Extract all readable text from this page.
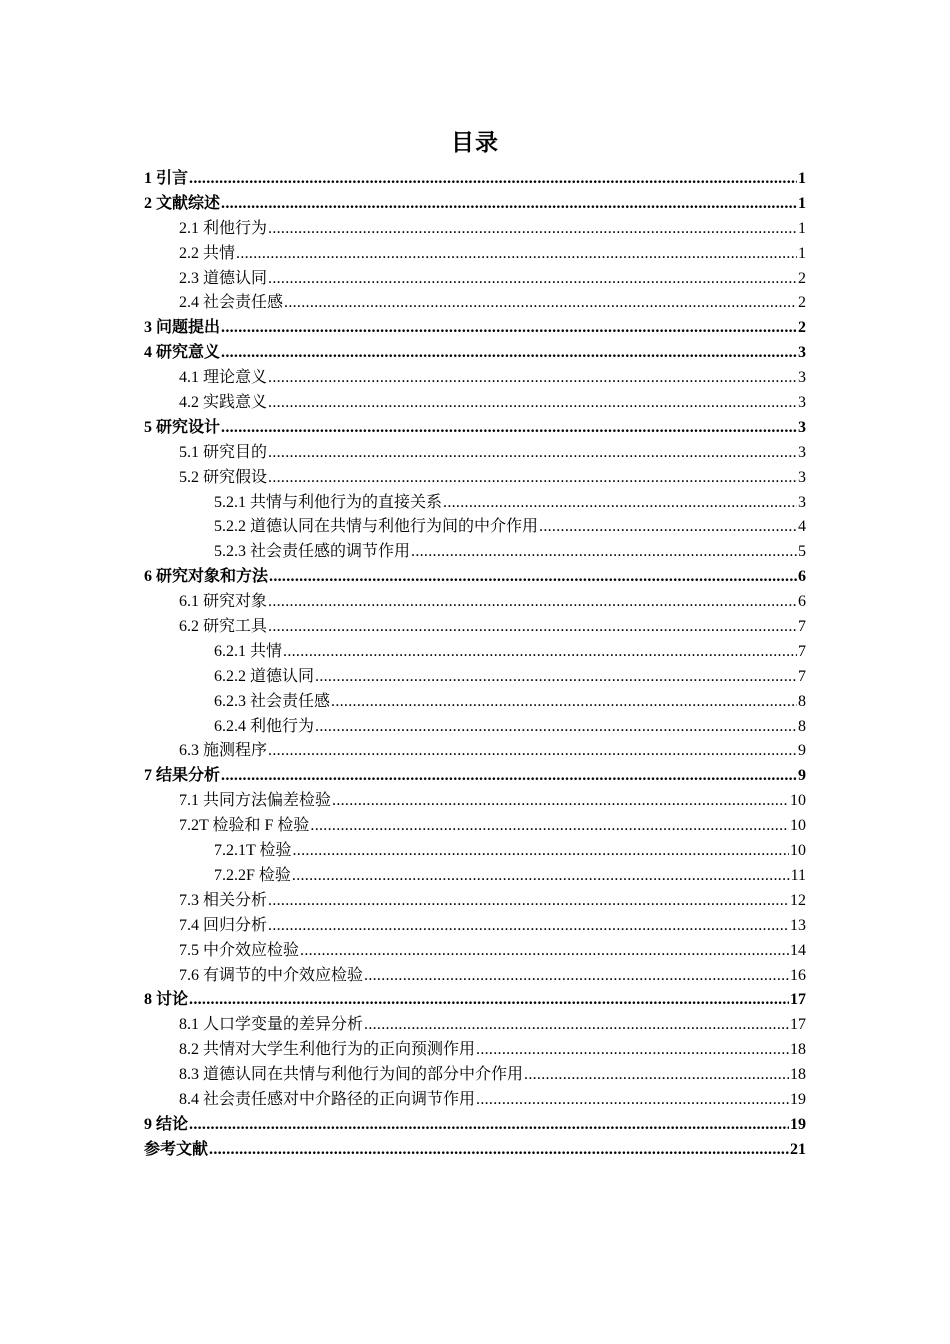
目录
1 引言 .....	1
2 文献综述 .....	1
2.1 利他行为 .....	1
2.2 共情 .....	1
2.3 道德认同 .....	2
2.4 社会责任感 .....	2
3 问题提出 .....	2
4 研究意义 .....	3
4.1 理论意义 .....	3
4.2 实践意义 .....	3
5 研究设计 .....	3
5.1 研究目的 .....	3
5.2 研究假设 .....	3
5.2.1 共情与利他行为的直接关系 .....	3
5.2.2 道德认同在共情与利他行为间的中介作用 .....	4
5.2.3 社会责任感的调节作用 .....	5
6 研究对象和方法 .....	6
6.1 研究对象 .....	6
6.2 研究工具 .....	7
6.2.1 共情 .....	7
6.2.2 道德认同 .....	7
6.2.3 社会责任感 .....	8
6.2.4 利他行为 .....	8
6.3 施测程序 .....	9
7 结果分析 .....	9
7.1 共同方法偏差检验 .....	10
7.2T 检验和 F 检验 .....	10
7.2.1T 检验 .....	10
7.2.2F 检验 .....	11
7.3 相关分析 .....	12
7.4 回归分析 .....	13
7.5 中介效应检验 .....	14
7.6 有调节的中介效应检验 .....	16
8 讨论 .....	17
8.1 人口学变量的差异分析 .....	17
8.2 共情对大学生利他行为的正向预测作用 .....	18
8.3 道德认同在共情与利他行为间的部分中介作用 .....	18
8.4 社会责任感对中介路径的正向调节作用 .....	19
9 结论 .....	19
参考文献 .....	21
